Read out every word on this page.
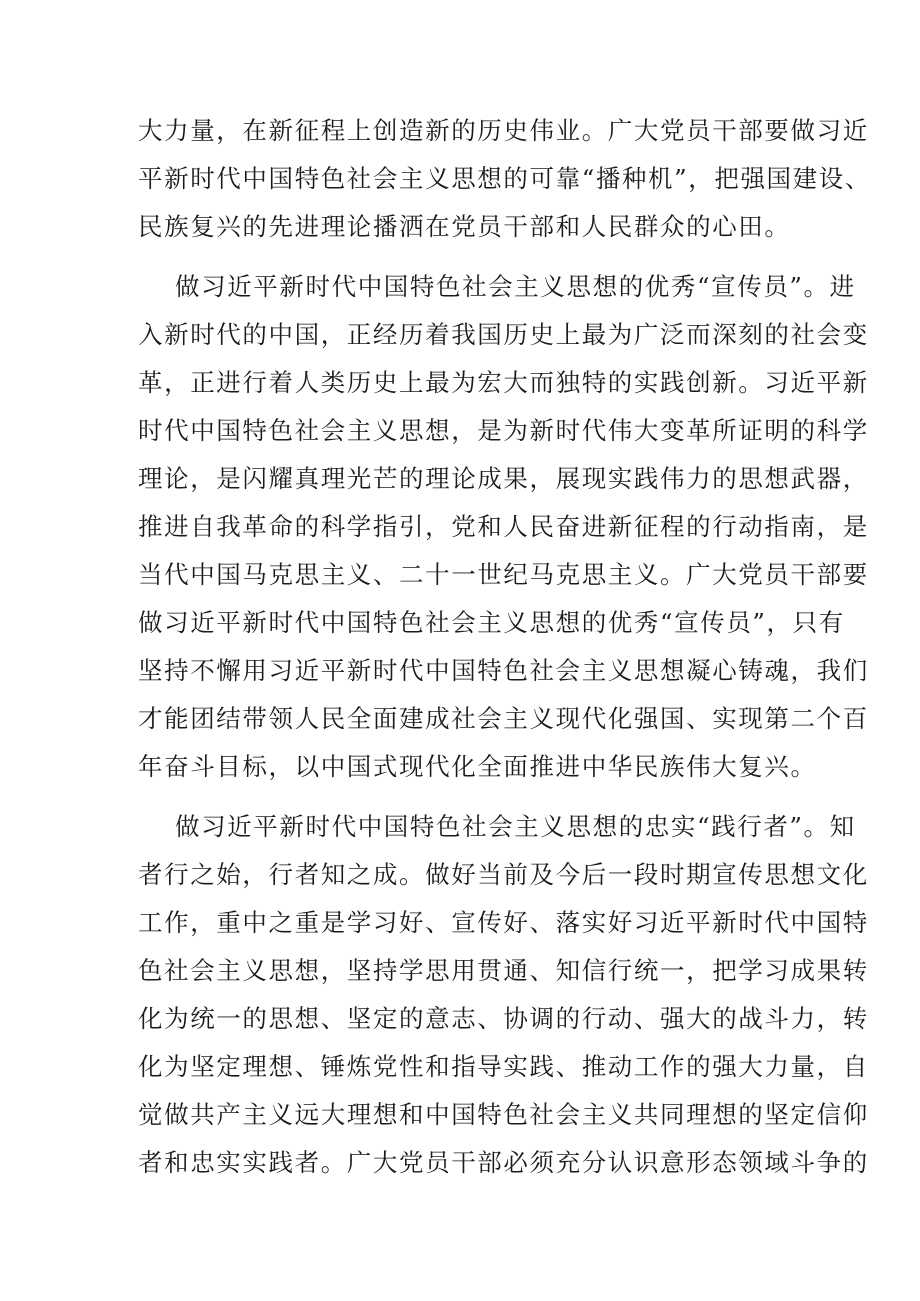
大力量，在新征程上创造新的历史伟业。广大党员干部要做习近
平新时代中国特色社会主义思想的可靠“播种机”，把强国建设、
民族复兴的先进理论播洒在党员干部和人民群众的心田。
做习近平新时代中国特色社会主义思想的优秀“宣传员”。进
入新时代的中国，正经历着我国历史上最为广泛而深刻的社会变
革，正进行着人类历史上最为宏大而独特的实践创新。习近平新
时代中国特色社会主义思想，是为新时代伟大变革所证明的科学
理论，是闪耀真理光芒的理论成果，展现实践伟力的思想武器，
推进自我革命的科学指引，党和人民奋进新征程的行动指南，是
当代中国马克思主义、二十一世纪马克思主义。广大党员干部要
做习近平新时代中国特色社会主义思想的优秀“宣传员”，只有
坚持不懈用习近平新时代中国特色社会主义思想凝心铸魂，我们
才能团结带领人民全面建成社会主义现代化强国、实现第二个百
年奋斗目标，以中国式现代化全面推进中华民族伟大复兴。
做习近平新时代中国特色社会主义思想的忠实“践行者”。知
者行之始，行者知之成。做好当前及今后一段时期宣传思想文化
工作，重中之重是学习好、宣传好、落实好习近平新时代中国特
色社会主义思想，坚持学思用贯通、知信行统一，把学习成果转
化为统一的思想、坚定的意志、协调的行动、强大的战斗力，转
化为坚定理想、锤炼党性和指导实践、推动工作的强大力量，自
觉做共产主义远大理想和中国特色社会主义共同理想的坚定信仰
者和忠实实践者。广大党员干部必须充分认识意形态领域斗争的
